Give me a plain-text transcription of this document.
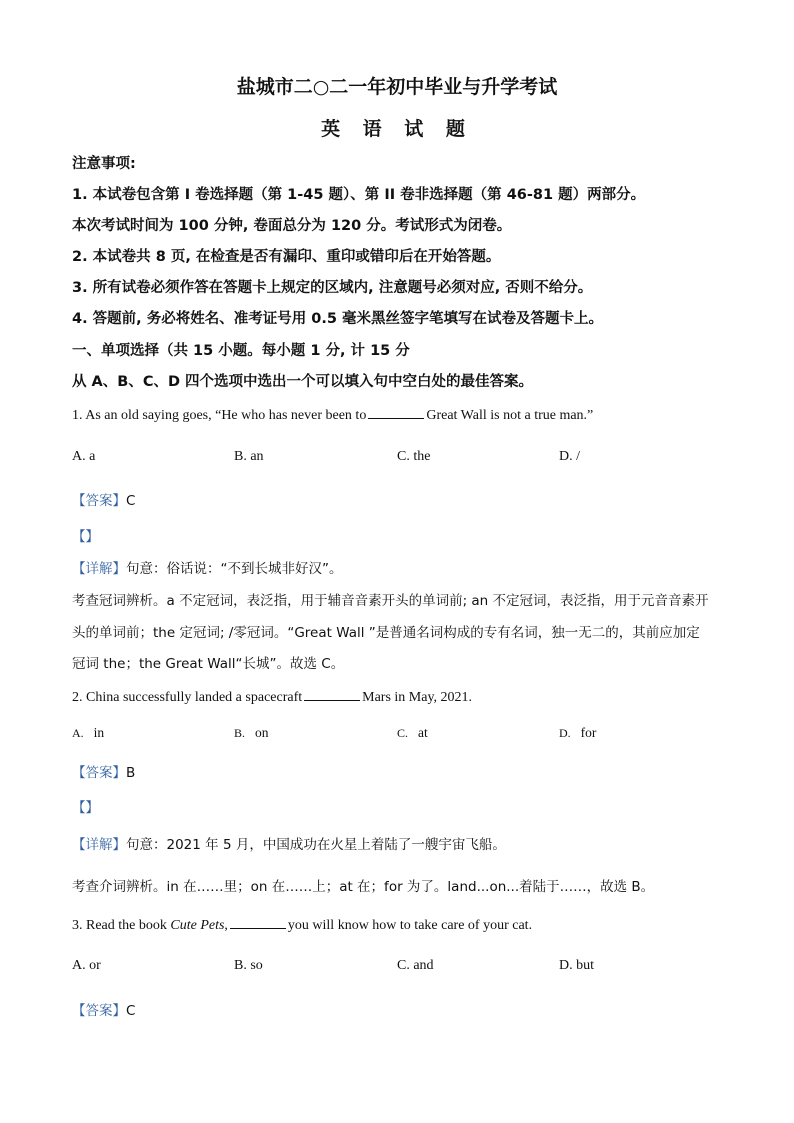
盐城市二○二一年初中毕业与升学考试
英 语 试 题
注意事项:
1. 本试卷包含第 I 卷选择题（第 1-45 题）、第 II 卷非选择题（第 46-81 题）两部分。
本次考试时间为 100 分钟, 卷面总分为 120 分。考试形式为闭卷。
2. 本试卷共 8 页, 在检查是否有漏印、重印或错印后在开始答题。
3. 所有试卷必须作答在答题卡上规定的区域内, 注意题号必须对应, 否则不给分。
4. 答题前, 务必将姓名、准考证号用 0.5 毫米黑丝签字笔填写在试卷及答题卡上。
一、单项选择（共 15 小题。每小题 1 分, 计 15 分
从 A、B、C、D 四个选项中选出一个可以填入句中空白处的最佳答案。
1. As an old saying goes, “He who has never been to	Great Wall is not a true man.”
A. a	B. an	C. the	D. /
【答案】C
【】
【详解】句意：俗话说：“不到长城非好汉”。
考查冠词辨析。a 不定冠词，表泛指，用于辅音音素开头的单词前; an 不定冠词，表泛指，用于元音音素开
头的单词前；the 定冠词; /零冠词。“Great Wall ”是普通名词构成的专有名词，独一无二的，其前应加定
冠词 the；the Great Wall“长城”。故选 C。
2. China successfully landed a spacecraft	Mars in May, 2021.
A. in	B. on	C. at	D. for
【答案】B
【】
【详解】句意：2021 年 5 月，中国成功在火星上着陆了一艘宇宙飞船。
考查介词辨析。in 在……里；on 在……上；at 在；for 为了。land...on...着陆于……，故选 B。
3. Read the book Cute Pets,	you will know how to take care of your cat.
A. or	B. so	C. and	D. but
【答案】C
